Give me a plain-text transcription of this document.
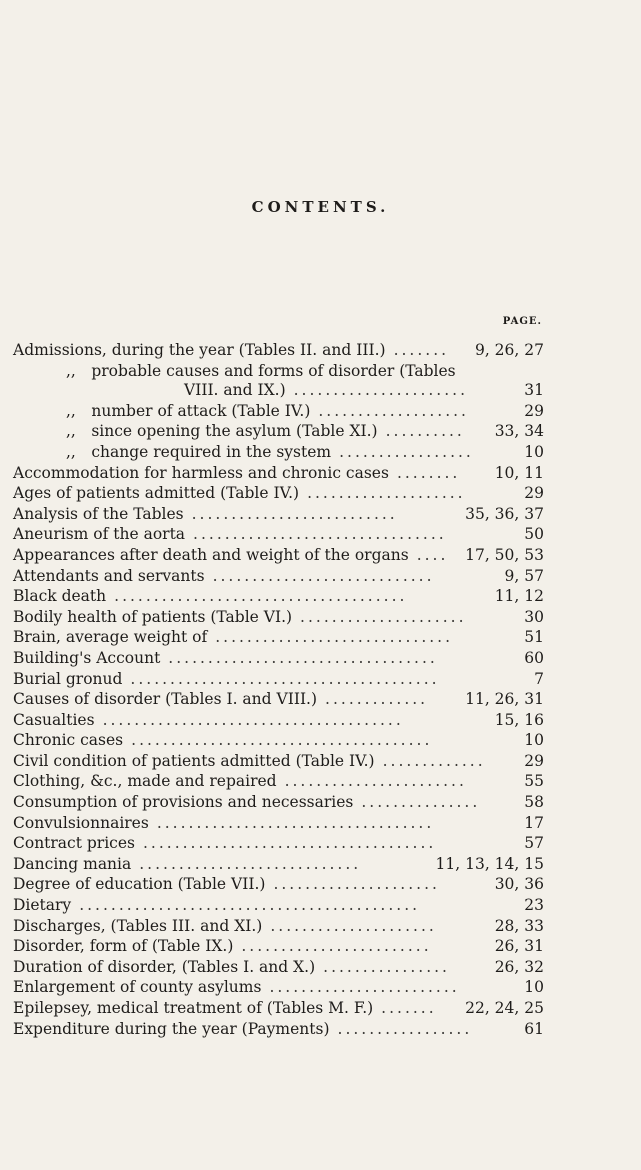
CONTENTS.
PAGE.
Admissions, during the year (Tables II. and III.)	9, 26, 27
.......
,, probable causes and forms of disorder (Tables
VIII. and IX.)	31
......................
,, number of attack (Table IV.)	29
...................
,, since opening the asylum (Table XI.)	33, 34
..........
,, change required in the system	10
.................
Accommodation for harmless and chronic cases	10, 11
........
Ages of patients admitted (Table IV.)	29
....................
Analysis of the Tables	35, 36, 37
..........................
Aneurism of the aorta	50
................................
Appearances after death and weight of the organs	17, 50, 53
....
Attendants and servants	9, 57
............................
Black death	11, 12
.....................................
Bodily health of patients (Table VI.)	30
.....................
Brain, average weight of	51
..............................
Building's Account	60
..................................
Burial gronud	7
.......................................
Causes of disorder (Tables I. and VIII.)	11, 26, 31
.............
Casualties	15, 16
......................................
Chronic cases	10
......................................
Civil condition of patients admitted (Table IV.)	29
.............
Clothing, &c., made and repaired	55
.......................
Consumption of provisions and necessaries	58
...............
Convulsionnaires	17
...................................
Contract prices	57
.....................................
Dancing mania	11, 13, 14, 15
............................
Degree of education (Table VII.)	30, 36
.....................
Dietary	23
...........................................
Discharges, (Tables III. and XI.)	28, 33
.....................
Disorder, form of (Table IX.)	26, 31
........................
Duration of disorder, (Tables I. and X.)	26, 32
................
Enlargement of county asylums	10
........................
Epilepsey, medical treatment of (Tables M. F.)	22, 24, 25
.......
Expenditure during the year (Payments)	61
.................
